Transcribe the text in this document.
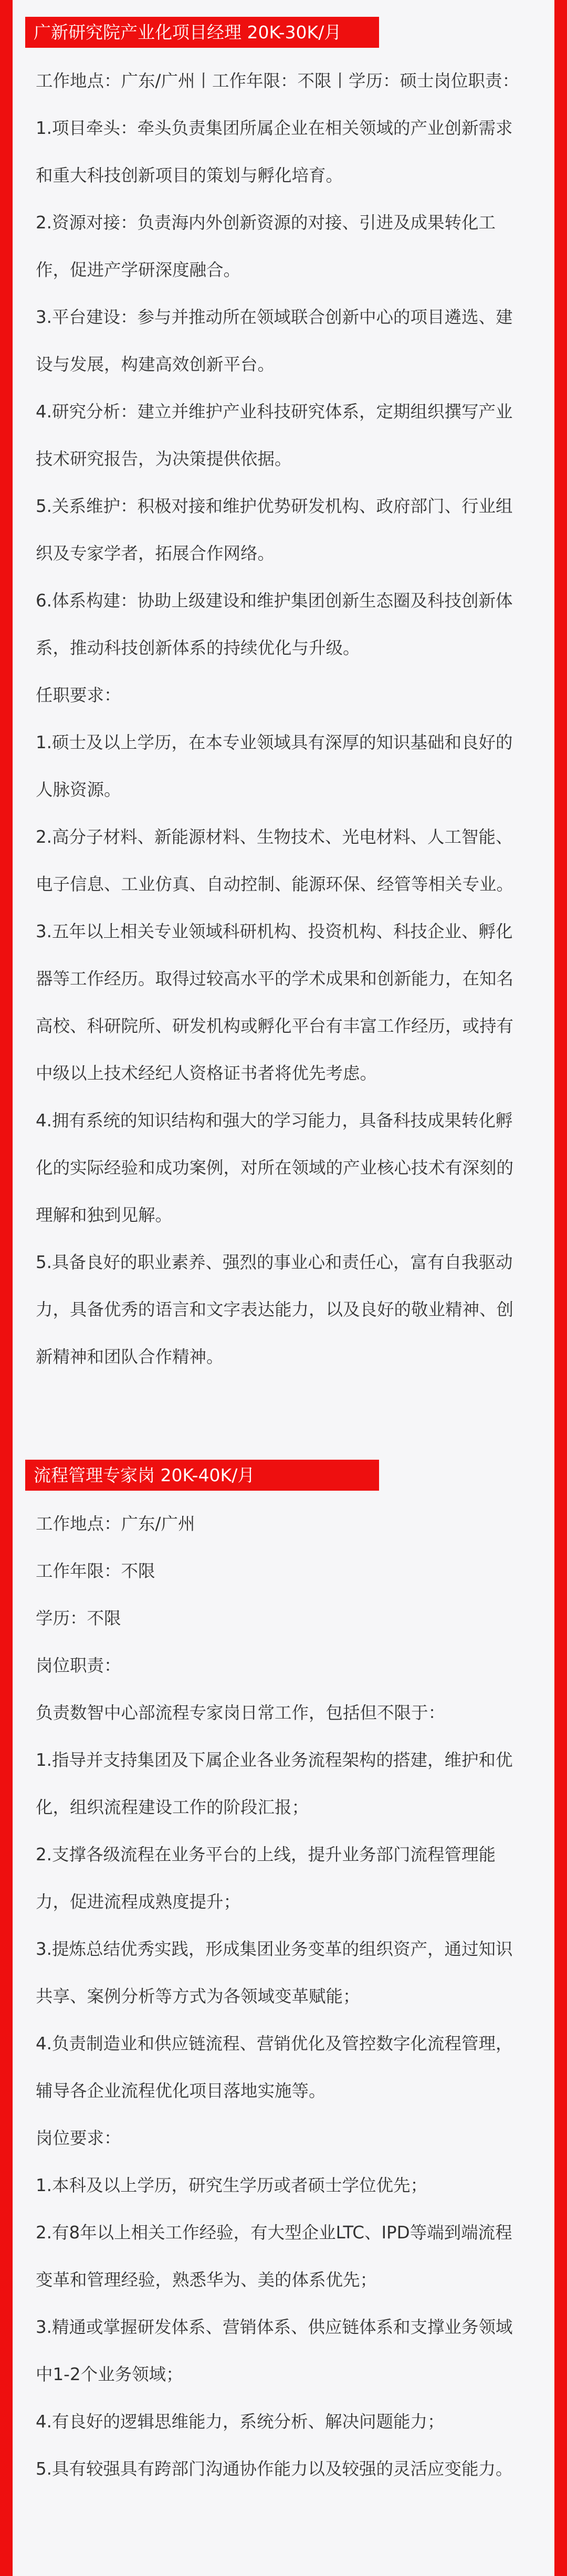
广新研究院产业化项目经理 20K-30K/月
工作地点：广东/广州丨工作年限：不限丨学历：硕士岗位职责：
1.项目牵头：牵头负责集团所属企业在相关领域的产业创新需求
和重大科技创新项目的策划与孵化培育。
2.资源对接：负责海内外创新资源的对接、引进及成果转化工
作，促进产学研深度融合。
3.平台建设：参与并推动所在领域联合创新中心的项目遴选、建
设与发展，构建高效创新平台。
4.研究分析：建立并维护产业科技研究体系，定期组织撰写产业
技术研究报告，为决策提供依据。
5.关系维护：积极对接和维护优势研发机构、政府部门、行业组
织及专家学者，拓展合作网络。
6.体系构建：协助上级建设和维护集团创新生态圈及科技创新体
系，推动科技创新体系的持续优化与升级。
任职要求：
1.硕士及以上学历，在本专业领域具有深厚的知识基础和良好的
人脉资源。
2.高分子材料、新能源材料、生物技术、光电材料、人工智能、
电子信息、工业仿真、自动控制、能源环保、经管等相关专业。
3.五年以上相关专业领域科研机构、投资机构、科技企业、孵化
器等工作经历。取得过较高水平的学术成果和创新能力，在知名
高校、科研院所、研发机构或孵化平台有丰富工作经历，或持有
中级以上技术经纪人资格证书者将优先考虑。
4.拥有系统的知识结构和强大的学习能力，具备科技成果转化孵
化的实际经验和成功案例，对所在领域的产业核心技术有深刻的
理解和独到见解。
5.具备良好的职业素养、强烈的事业心和责任心，富有自我驱动
力，具备优秀的语言和文字表达能力，以及良好的敬业精神、创
新精神和团队合作精神。
流程管理专家岗 20K-40K/月
工作地点：广东/广州
工作年限：不限
学历：不限
岗位职责：
负责数智中心部流程专家岗日常工作，包括但不限于：
1.指导并支持集团及下属企业各业务流程架构的搭建，维护和优
化，组织流程建设工作的阶段汇报；
2.支撑各级流程在业务平台的上线，提升业务部门流程管理能
力，促进流程成熟度提升；
3.提炼总结优秀实践，形成集团业务变革的组织资产，通过知识
共享、案例分析等方式为各领域变革赋能；
4.负责制造业和供应链流程、营销优化及管控数字化流程管理，
辅导各企业流程优化项目落地实施等。
岗位要求：
1.本科及以上学历，研究生学历或者硕士学位优先；
2.有8年以上相关工作经验，有大型企业LTC、IPD等端到端流程
变革和管理经验，熟悉华为、美的体系优先；
3.精通或掌握研发体系、营销体系、供应链体系和支撑业务领域
中1-2个业务领域；
4.有良好的逻辑思维能力，系统分析、解决问题能力；
5.具有较强具有跨部门沟通协作能力以及较强的灵活应变能力。
